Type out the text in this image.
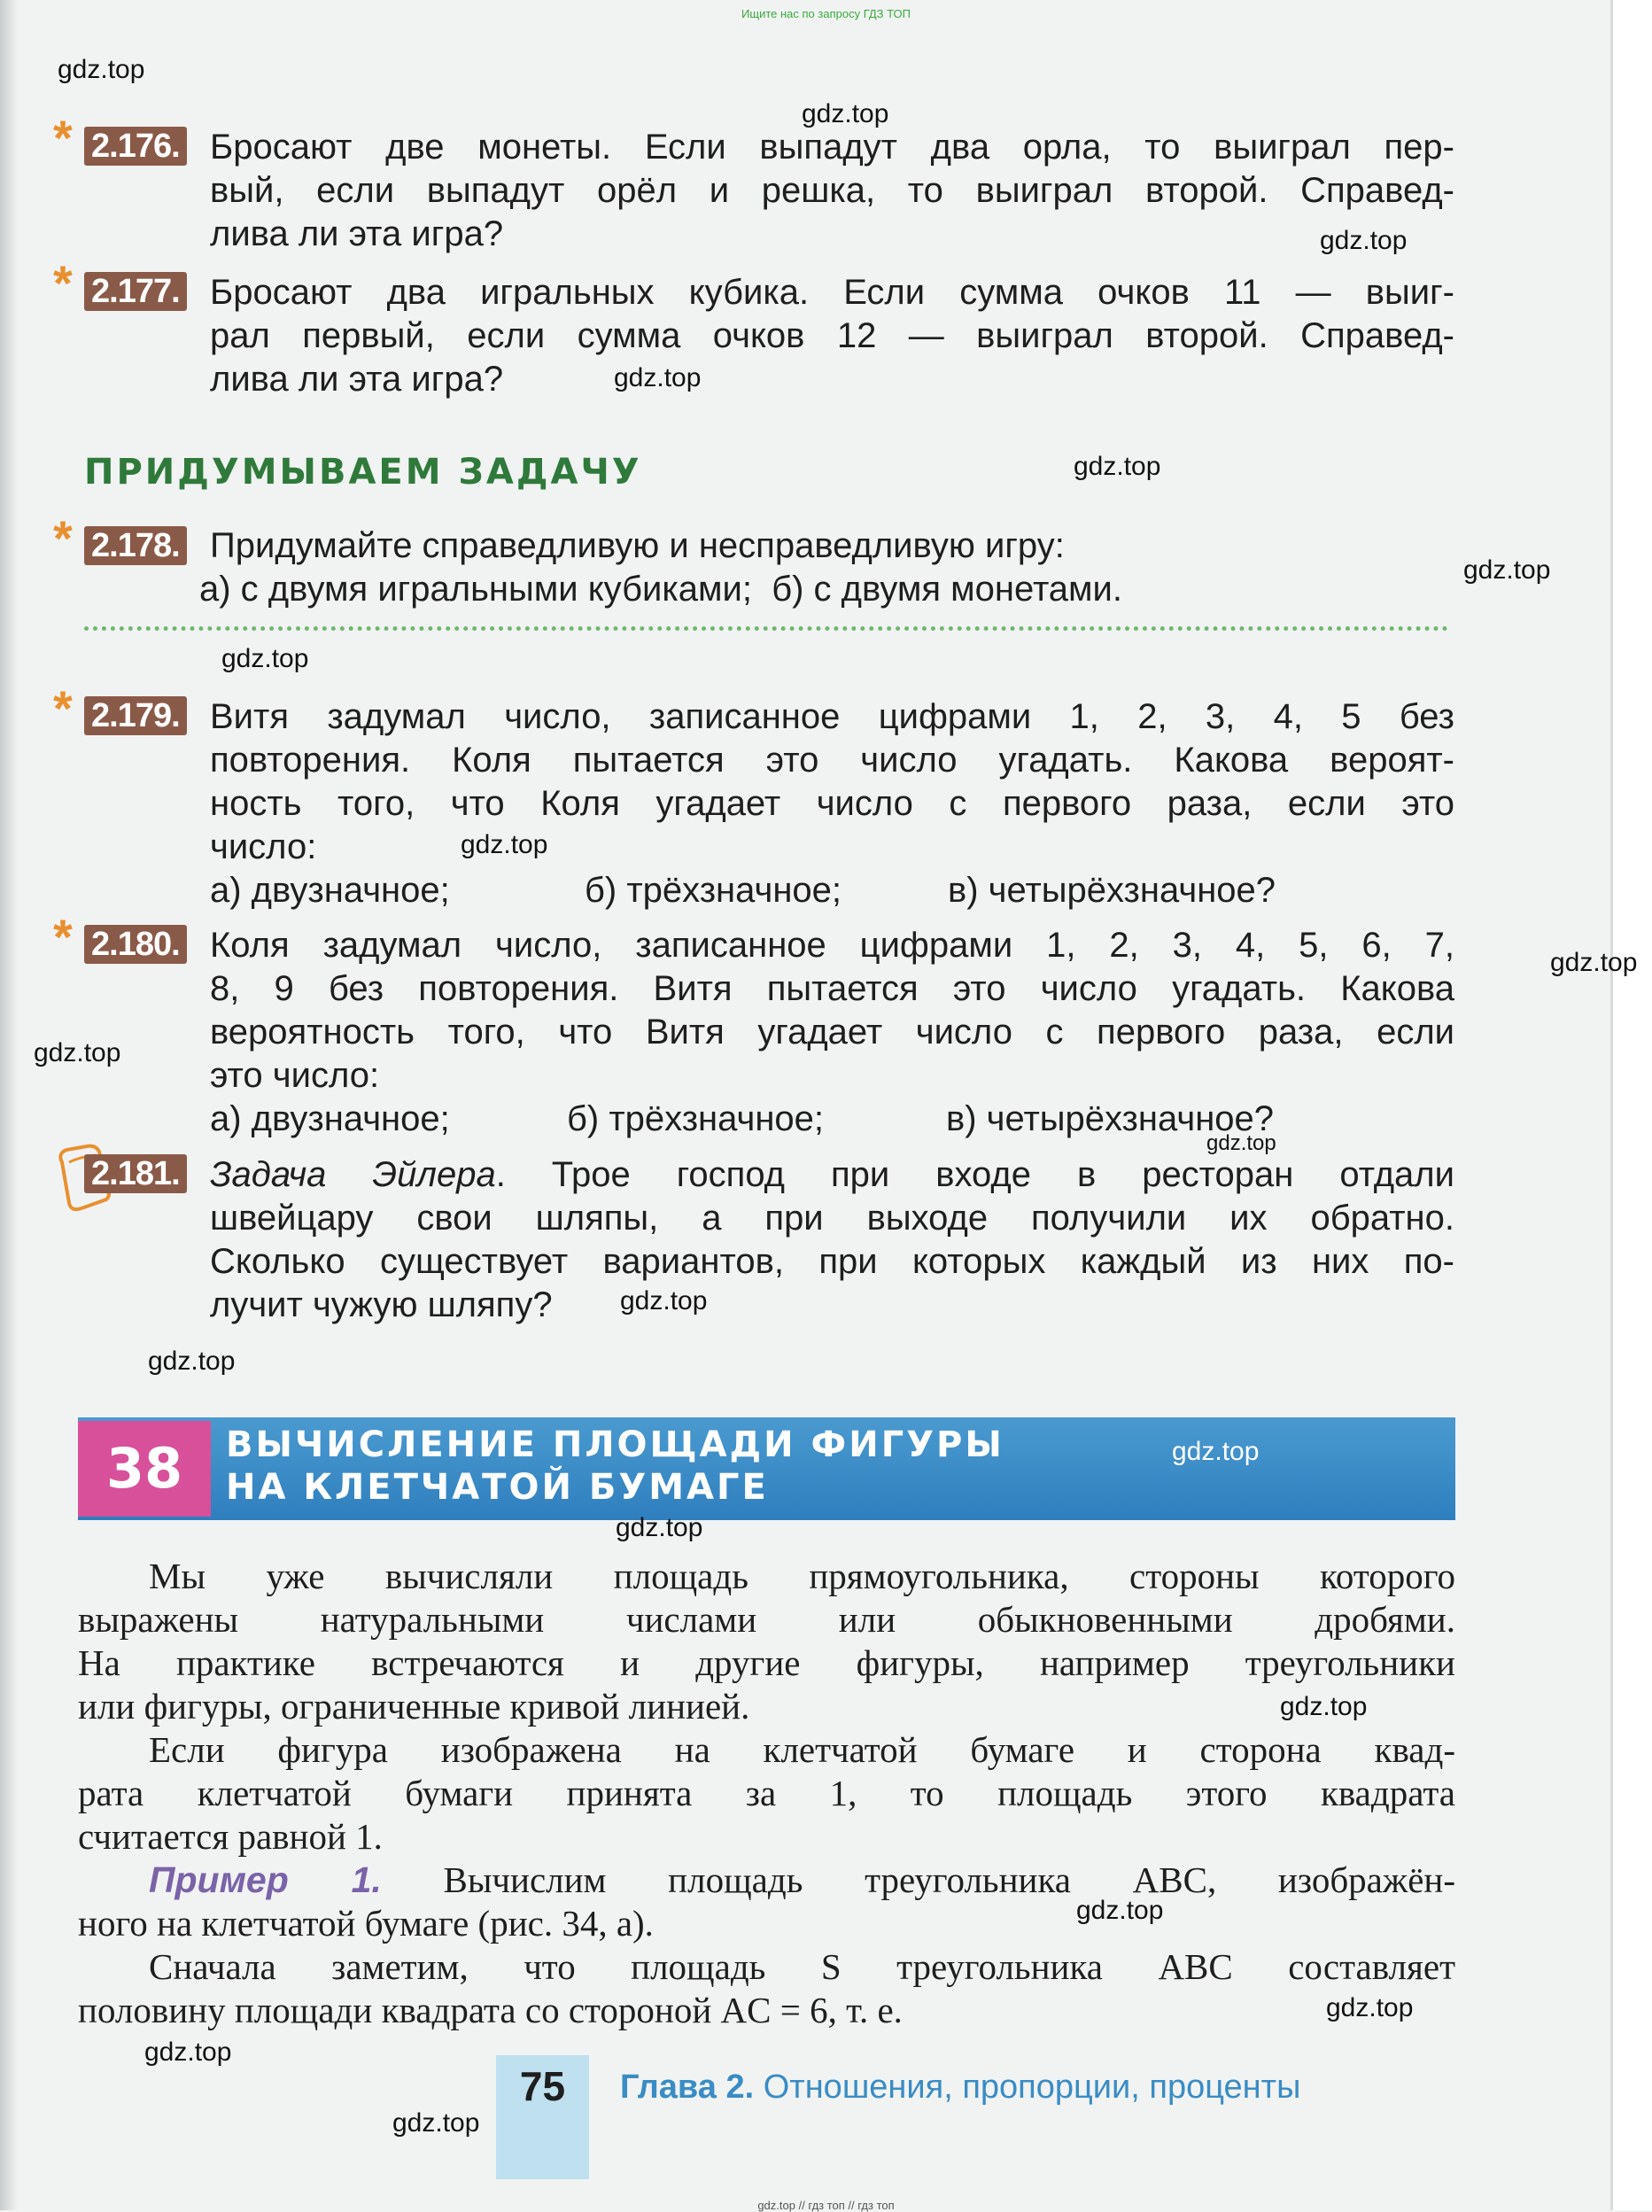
Ищите нас по запросу ГДЗ ТОП
* 2.176. Бросают две монеты. Если выпадут два орла, то выиграл пер-
вый, если выпадут орёл и решка, то выиграл второй. Справед-
лива ли эта игра?
* 2.177. Бросают два игральных кубика. Если сумма очков 11 — выиг-
рал первый, если сумма очков 12 — выиграл второй. Справед-
лива ли эта игра?
ПРИДУМЫВАЕМ ЗАДАЧУ
* 2.178. Придумайте справедливую и несправедливую игру:
а) с двумя игральными кубиками;  б) с двумя монетами.
* 2.179. Витя задумал число, записанное цифрами 1, 2, 3, 4, 5 без
повторения. Коля пытается это число угадать. Какова вероят-
ность того, что Коля угадает число с первого раза, если это
число:
а) двузначное;	б) трёхзначное;	в) четырёхзначное?
* 2.180. Коля задумал число, записанное цифрами 1, 2, 3, 4, 5, 6, 7,
8, 9 без повторения. Витя пытается это число угадать. Какова
вероятность того, что Витя угадает число с первого раза, если
это число:
а) двузначное;	б) трёхзначное;	в) четырёхзначное?
2.181. Задача Эйлера. Трое господ при входе в ресторан отдали
швейцару свои шляпы, а при выходе получили их обратно.
Сколько существует вариантов, при которых каждый из них по-
лучит чужую шляпу?
38	ВЫЧИСЛЕНИЕ ПЛОЩАДИ ФИГУРЫ
НА КЛЕТЧАТОЙ БУМАГЕ
Мы уже вычисляли площадь прямоугольника, стороны которого
выражены натуральными числами или обыкновенными дробями.
На практике встречаются и другие фигуры, например треугольники
или фигуры, ограниченные кривой линией.
Если фигура изображена на клетчатой бумаге и сторона квад-
рата клетчатой бумаги принята за 1, то площадь этого квадрата
считается равной 1.
Пример 1. Вычислим площадь треугольника ABC, изображён-
ного на клетчатой бумаге (рис. 34, a).
Сначала заметим, что площадь S треугольника ABC составляет
половину площади квадрата со стороной AC = 6, т. е.
75	Глава 2. Отношения, пропорции, проценты
gdz.top
gdz.top
gdz.top
gdz.top
gdz.top
gdz.top
gdz.top
gdz.top
gdz.top
gdz.top
gdz.top
gdz.top
gdz.top
gdz.top
gdz.top
gdz.top
gdz.top
gdz.top
gdz.top
gdz.top
gdz.top // гдз топ // гдз топ
